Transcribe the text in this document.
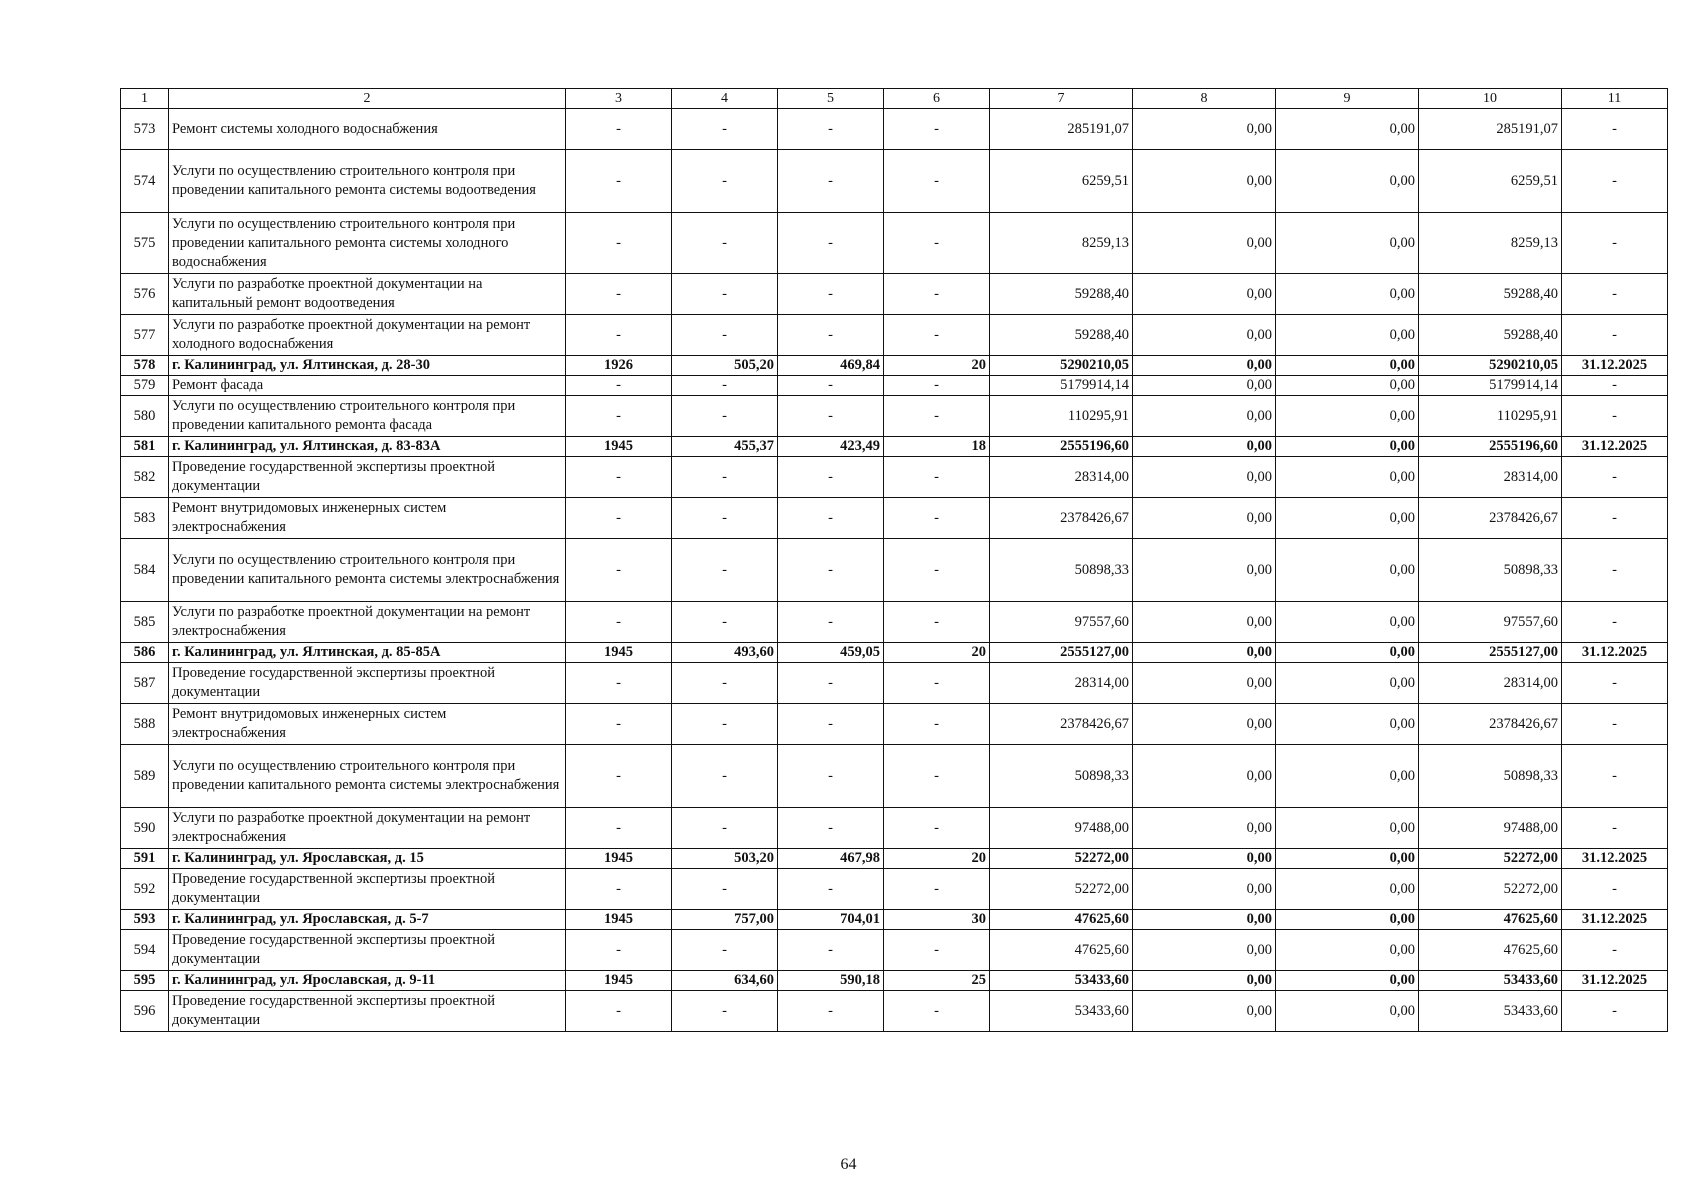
1	2	3	4	5	6	7	8	9	10	11
573	Ремонт системы холодного водоснабжения	-	-	-	-	285191,07	0,00	0,00	285191,07	-
574	Услуги по осуществлению строительного контроля при проведении капитального ремонта системы водоотведения	-	-	-	-	6259,51	0,00	0,00	6259,51	-
575	Услуги по осуществлению строительного контроля при проведении капитального ремонта системы холодного водоснабжения	-	-	-	-	8259,13	0,00	0,00	8259,13	-
576	Услуги по разработке проектной документации на капитальный ремонт водоотведения	-	-	-	-	59288,40	0,00	0,00	59288,40	-
577	Услуги по разработке проектной документации на ремонт холодного водоснабжения	-	-	-	-	59288,40	0,00	0,00	59288,40	-
578	г. Калининград, ул. Ялтинская, д. 28-30	1926	505,20	469,84	20	5290210,05	0,00	0,00	5290210,05	31.12.2025
579	Ремонт фасада	-	-	-	-	5179914,14	0,00	0,00	5179914,14	-
580	Услуги по осуществлению строительного контроля при проведении капитального ремонта фасада	-	-	-	-	110295,91	0,00	0,00	110295,91	-
581	г. Калининград, ул. Ялтинская, д. 83-83А	1945	455,37	423,49	18	2555196,60	0,00	0,00	2555196,60	31.12.2025
582	Проведение государственной экспертизы проектной документации	-	-	-	-	28314,00	0,00	0,00	28314,00	-
583	Ремонт внутридомовых инженерных систем электроснабжения	-	-	-	-	2378426,67	0,00	0,00	2378426,67	-
584	Услуги по осуществлению строительного контроля при проведении капитального ремонта системы электроснабжения	-	-	-	-	50898,33	0,00	0,00	50898,33	-
585	Услуги по разработке проектной документации на ремонт электроснабжения	-	-	-	-	97557,60	0,00	0,00	97557,60	-
586	г. Калининград, ул. Ялтинская, д. 85-85А	1945	493,60	459,05	20	2555127,00	0,00	0,00	2555127,00	31.12.2025
587	Проведение государственной экспертизы проектной документации	-	-	-	-	28314,00	0,00	0,00	28314,00	-
588	Ремонт внутридомовых инженерных систем электроснабжения	-	-	-	-	2378426,67	0,00	0,00	2378426,67	-
589	Услуги по осуществлению строительного контроля при проведении капитального ремонта системы электроснабжения	-	-	-	-	50898,33	0,00	0,00	50898,33	-
590	Услуги по разработке проектной документации на ремонт электроснабжения	-	-	-	-	97488,00	0,00	0,00	97488,00	-
591	г. Калининград, ул. Ярославская, д. 15	1945	503,20	467,98	20	52272,00	0,00	0,00	52272,00	31.12.2025
592	Проведение государственной экспертизы проектной документации	-	-	-	-	52272,00	0,00	0,00	52272,00	-
593	г. Калининград, ул. Ярославская, д. 5-7	1945	757,00	704,01	30	47625,60	0,00	0,00	47625,60	31.12.2025
594	Проведение государственной экспертизы проектной документации	-	-	-	-	47625,60	0,00	0,00	47625,60	-
595	г. Калининград, ул. Ярославская, д. 9-11	1945	634,60	590,18	25	53433,60	0,00	0,00	53433,60	31.12.2025
596	Проведение государственной экспертизы проектной документации	-	-	-	-	53433,60	0,00	0,00	53433,60	-
64
